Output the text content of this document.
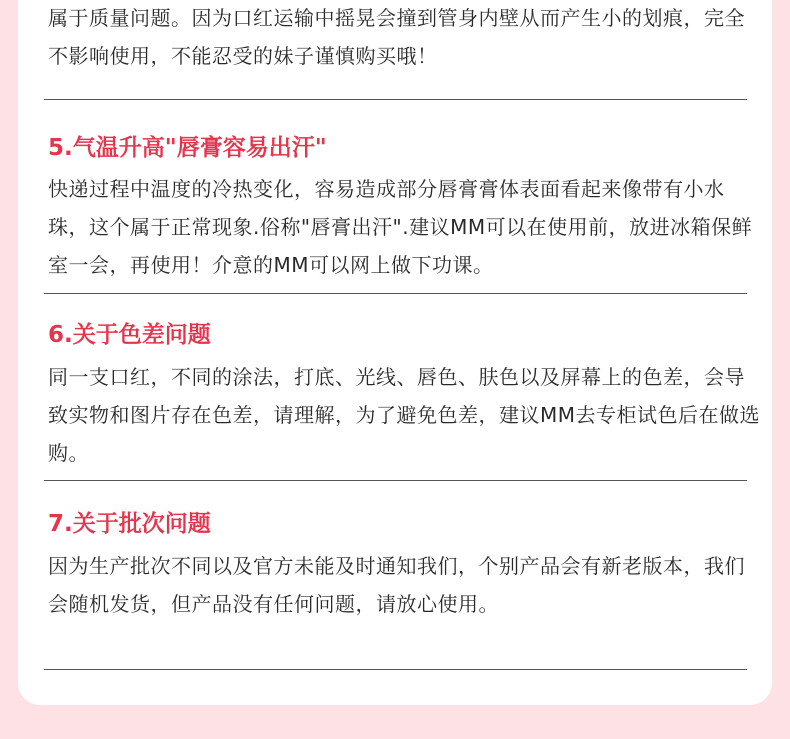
属于质量问题。因为口红运输中摇晃会撞到管身内壁从而产生小的划痕，完全不影响使用，不能忍受的妹子谨慎购买哦！

5.气温升高"唇膏容易出汗"

快递过程中温度的冷热变化，容易造成部分唇膏膏体表面看起来像带有小水珠，这个属于正常现象.俗称"唇膏出汗".建议MM可以在使用前，放进冰箱保鲜室一会，再使用！介意的MM可以网上做下功课。

6.关于色差问题

同一支口红，不同的涂法，打底、光线、唇色、肤色以及屏幕上的色差，会导致实物和图片存在色差，请理解，为了避免色差，建议MM去专柜试色后在做选购。

7.关于批次问题

因为生产批次不同以及官方未能及时通知我们，个别产品会有新老版本，我们会随机发货，但产品没有任何问题，请放心使用。
